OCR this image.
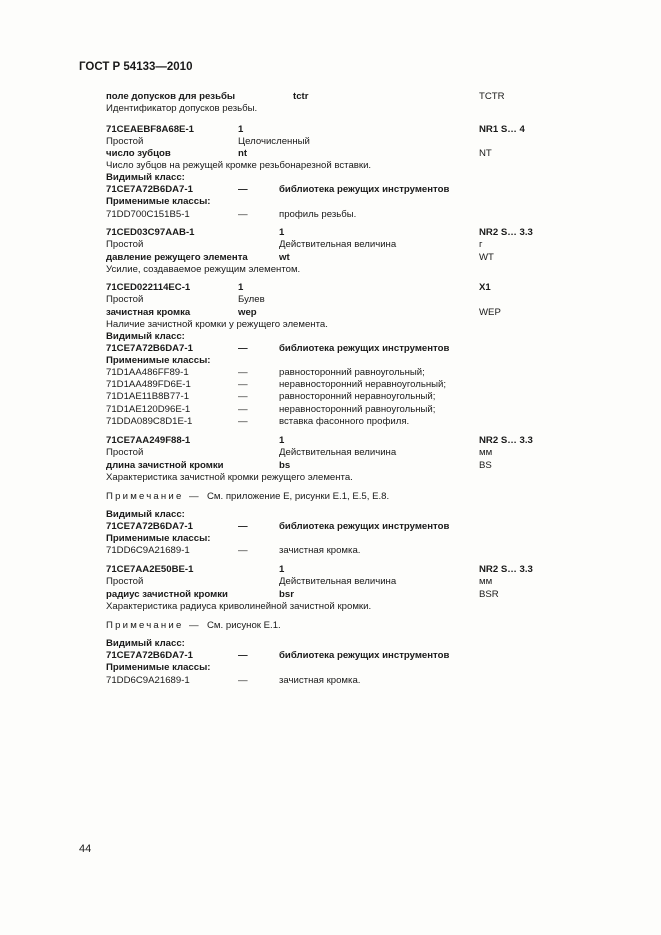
ГОСТ Р 54133—2010
поле допусков для резьбы	tctr	TCTR
Идентификатор допусков резьбы.
71CEAEBF8A68E-1	1	NR1 S… 4
Простой	Целочисленный
число зубцов	nt	NT
Число зубцов на режущей кромке резьбонарезной вставки.
Видимый класс:
71CE7A72B6DA7-1	—	библиотека режущих инструментов
Применимые классы:
71DD700C151B5-1	—	профиль резьбы.
71CED03C97AAB-1	1	NR2 S… 3.3
Простой	Действительная величина	г
давление режущего элемента	wt	WT
Усилие, создаваемое режущим элементом.
71CED022114EC-1	1	X1
Простой	Булев
зачистная кромка	wep	WEP
Наличие зачистной кромки у режущего элемента.
Видимый класс:
71CE7A72B6DA7-1	—	библиотека режущих инструментов
Применимые классы:
71D1AA486FF89-1	—	равносторонний равноугольный;
71D1AA489FD6E-1	—	неравносторонний неравноугольный;
71D1AE11B8B77-1	—	равносторонний неравноугольный;
71D1AE120D96E-1	—	неравносторонний равноугольный;
71DDA089C8D1E-1	—	вставка фасонного профиля.
71CE7AA249F88-1	1	NR2 S… 3.3
Простой	Действительная величина	мм
длина зачистной кромки	bs	BS
Характеристика зачистной кромки режущего элемента.
Примечание — См. приложение Е, рисунки Е.1, Е.5, Е.8.
Видимый класс:
71CE7A72B6DA7-1	—	библиотека режущих инструментов
Применимые классы:
71DD6C9A21689-1	—	зачистная кромка.
71CE7AA2E50BE-1	1	NR2 S… 3.3
Простой	Действительная величина	мм
радиус зачистной кромки	bsr	BSR
Характеристика радиуса криволинейной зачистной кромки.
Примечание — См. рисунок Е.1.
Видимый класс:
71CE7A72B6DA7-1	—	библиотека режущих инструментов
Применимые классы:
71DD6C9A21689-1	—	зачистная кромка.
44
